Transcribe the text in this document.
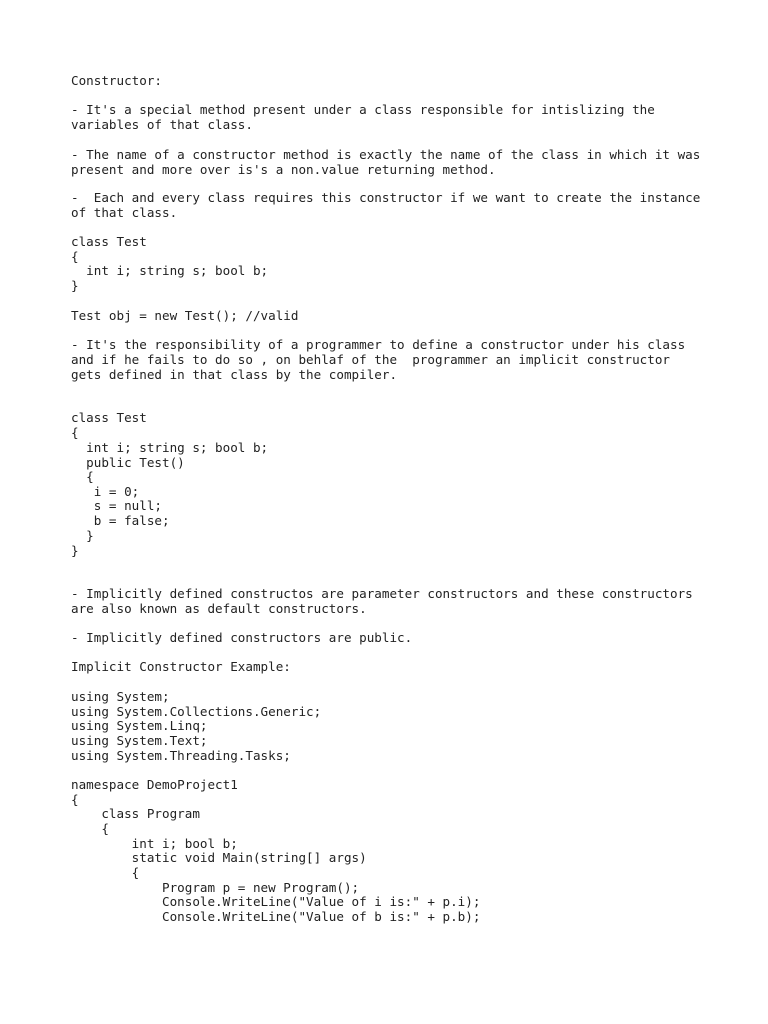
Constructor:

- It's a special method present under a class responsible for intislizing the

variables of that class.

- The name of a constructor method is exactly the name of the class in which it was

present and more over is's a non.value returning method.

-  Each and every class requires this constructor if we want to create the instance

of that class.

class Test

{

int i; string s; bool b;

}

Test obj = new Test(); //valid

- It's the responsibility of a programmer to define a constructor under his class

and if he fails to do so , on behlaf of the  programmer an implicit constructor

gets defined in that class by the compiler.

class Test

{

int i; string s; bool b;

public Test()

{

i = 0;

s = null;

b = false;

}

}

- Implicitly defined constructos are parameter constructors and these constructors

are also known as default constructors.

- Implicitly defined constructors are public.

Implicit Constructor Example:

using System;

using System.Collections.Generic;

using System.Linq;

using System.Text;

using System.Threading.Tasks;

namespace DemoProject1

{

class Program

{

int i; bool b;

static void Main(string[] args)

{

Program p = new Program();

Console.WriteLine("Value of i is:" + p.i);

Console.WriteLine("Value of b is:" + p.b);
